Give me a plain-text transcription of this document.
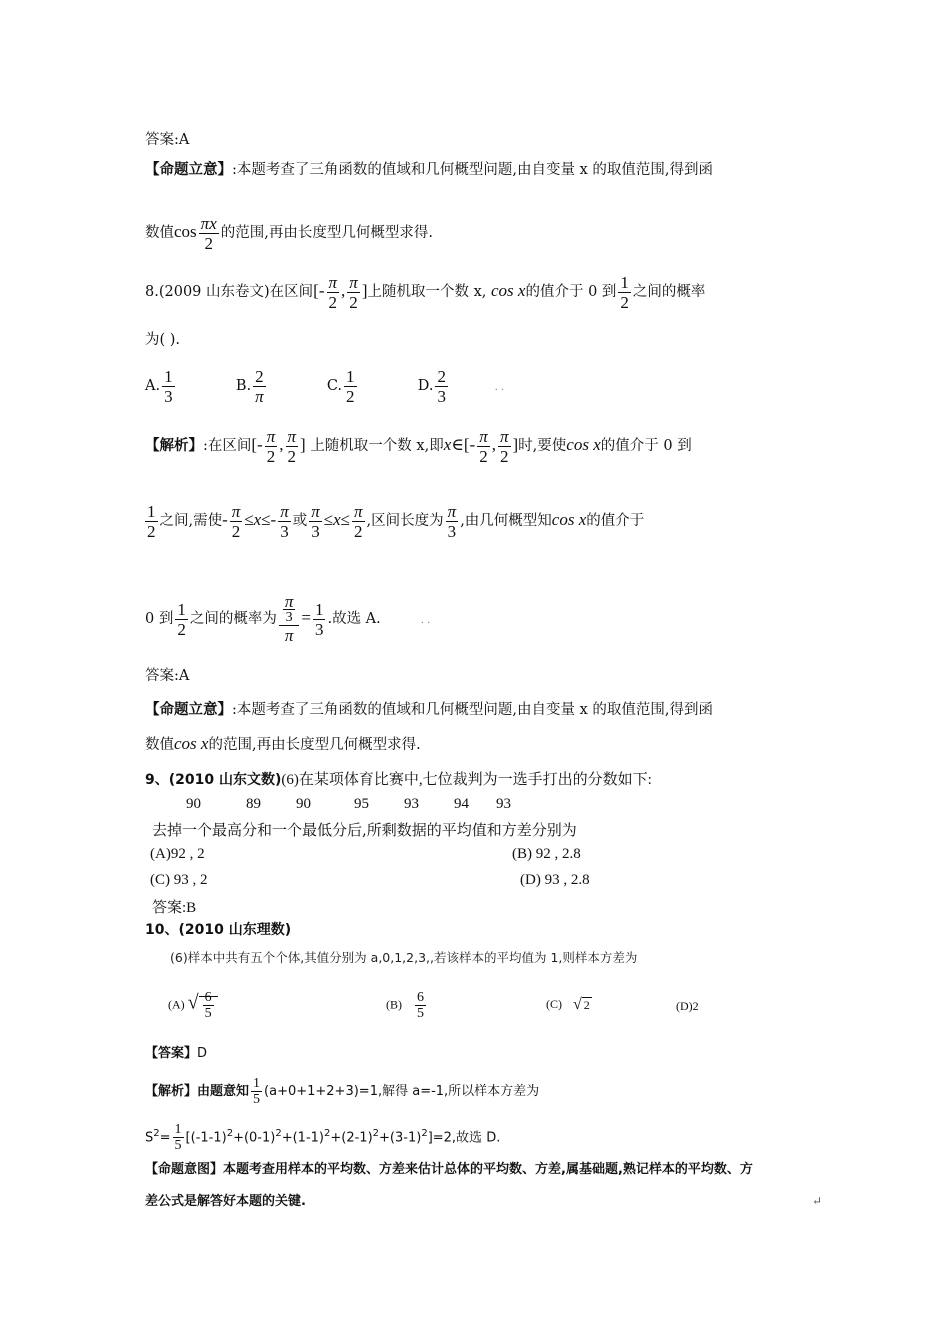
答案:A
【命题立意】:本题考查了三角函数的值域和几何概型问题,由自变量 x 的取值范围,得到函
数值$\cos \frac{\pi x}{2}$ 的范围,再由长度型几何概型求得.
8.(2009 山东卷文)在区间[- $\frac{\pi}{2}$ , $\frac{\pi}{2}$ ]上随机取一个数 x, cos x的值介于 0 到 $\frac{1}{2}$ 之间的概率
为( ).
A. $\frac{1}{3}$	B. $\frac{2}{\pi}$	C. $\frac{1}{2}$	D. $\frac{2}{3}$	. .
【解析】:在区间[- $\frac{\pi}{2}$ , $\frac{\pi}{2}$ ] 上随机取一个数 x,即x∈[- $\frac{\pi}{2}$ , $\frac{\pi}{2}$ ]时,要使cos x的值介于 0 到
$\frac{1}{2}$ 之间,需使- $\frac{\pi}{2} \le x\le- \frac{\pi}{3}$ 或 $\frac{\pi}{3} \le x\le \frac{\pi}{2}$ ,区间长度为 $\frac{\pi}{3}$ ,由几何概型知cos x的值介于
0 到 $\frac{1}{2}$ 之间的概率为 $\frac{\frac{\pi}{3}}{\pi} = \frac{1}{3}$ .故选 A.	. .
答案:A
【命题立意】:本题考查了三角函数的值域和几何概型问题,由自变量 x 的取值范围,得到函
数值cos x的范围,再由长度型几何概型求得.
9、(2010 山东文数)(6)在某项体育比赛中,七位裁判为一选手打出的分数如下:
90	89 90	95 93 94 93
去掉一个最高分和一个最低分后,所剩数据的平均值和方差分别为
(A)92 , 2	(B) 92 , 2.8
(C) 93 , 2	(D) 93 , 2.8
答案:B
10、(2010 山东理数)
(6)样本中共有五个个体,其值分别为 a,0,1,2,3,,若该样本的平均值为 1,则样本方差为
(A) √ $\frac{6}{5}$	$(B) \frac{6}{5}$	(C) √ 2	(D)2
【答案】D
【解析】由题意知 $\frac{1}{5} (a+0+1+2+3)=1$,解得 a=-1,所以样本方差为
$S^2= \frac{1}{5} [(-1-1)^2+(0-1)^2+(1-1)^2+(2-1)^2+(3-1)^2]=2$,故选 D.
【命题意图】本题考查用样本的平均数、方差来估计总体的平均数、方差,属基础题,熟记样本的平均数、方
差公式是解答好本题的关键.	↵
